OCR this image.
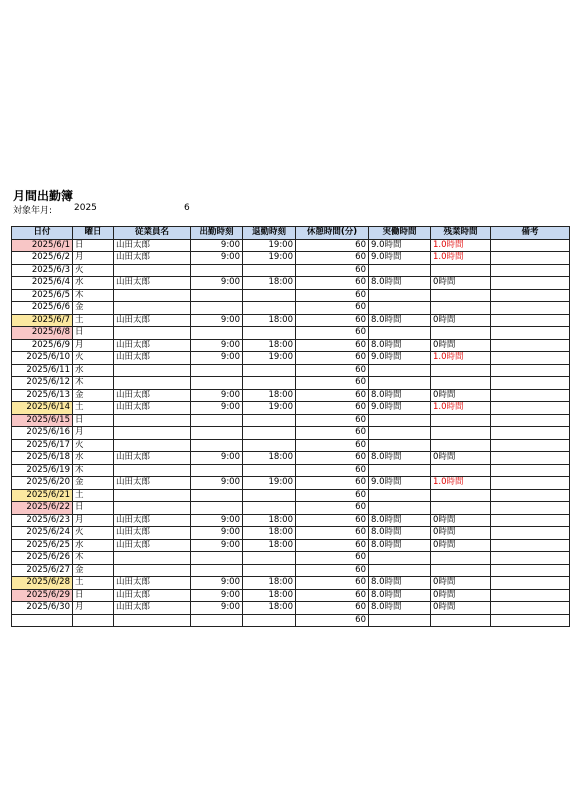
月間出勤簿
対象年月: 2025	6
日付	曜日	従業員名	出勤時刻	退勤時刻	休憩時間(分)	実働時間	残業時間	備考
2025/6/1	日	山田太郎	9:00	19:00	60	9.0時間	1.0時間	
2025/6/2	月	山田太郎	9:00	19:00	60	9.0時間	1.0時間	
2025/6/3	火				60			
2025/6/4	水	山田太郎	9:00	18:00	60	8.0時間	0時間	
2025/6/5	木				60			
2025/6/6	金				60			
2025/6/7	土	山田太郎	9:00	18:00	60	8.0時間	0時間	
2025/6/8	日				60			
2025/6/9	月	山田太郎	9:00	18:00	60	8.0時間	0時間	
2025/6/10	火	山田太郎	9:00	19:00	60	9.0時間	1.0時間	
2025/6/11	水				60			
2025/6/12	木				60			
2025/6/13	金	山田太郎	9:00	18:00	60	8.0時間	0時間	
2025/6/14	土	山田太郎	9:00	19:00	60	9.0時間	1.0時間	
2025/6/15	日				60			
2025/6/16	月				60			
2025/6/17	火				60			
2025/6/18	水	山田太郎	9:00	18:00	60	8.0時間	0時間	
2025/6/19	木				60			
2025/6/20	金	山田太郎	9:00	19:00	60	9.0時間	1.0時間	
2025/6/21	土				60			
2025/6/22	日				60			
2025/6/23	月	山田太郎	9:00	18:00	60	8.0時間	0時間	
2025/6/24	火	山田太郎	9:00	18:00	60	8.0時間	0時間	
2025/6/25	水	山田太郎	9:00	18:00	60	8.0時間	0時間	
2025/6/26	木				60			
2025/6/27	金				60			
2025/6/28	土	山田太郎	9:00	18:00	60	8.0時間	0時間	
2025/6/29	日	山田太郎	9:00	18:00	60	8.0時間	0時間	
2025/6/30	月	山田太郎	9:00	18:00	60	8.0時間	0時間	
					60			
